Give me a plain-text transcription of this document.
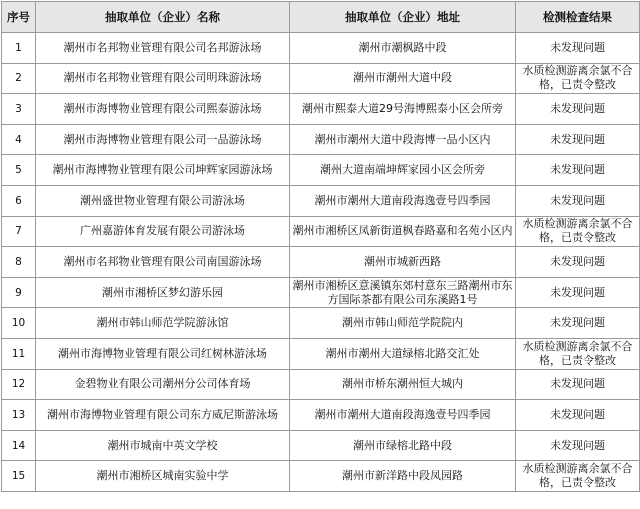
序号	抽取单位（企业）名称	抽取单位（企业）地址	检测检查结果
1	潮州市名邦物业管理有限公司名邦游泳场	潮州市潮枫路中段	未发现问题
2	潮州市名邦物业管理有限公司明珠游泳场	潮州市潮州大道中段	水质检测游离余氯不合格，已责令整改
3	潮州市海博物业管理有限公司熙泰游泳场	潮州市熙泰大道29号海博熙泰小区会所旁	未发现问题
4	潮州市海博物业管理有限公司一品游泳场	潮州市潮州大道中段海博一品小区内	未发现问题
5	潮州市海博物业管理有限公司坤辉家园游泳场	潮州大道南端坤辉家园小区会所旁	未发现问题
6	潮州盛世物业管理有限公司游泳场	潮州市潮州大道南段海逸壹号四季园	未发现问题
7	广州嘉游体育发展有限公司游泳场	潮州市湘桥区凤新街道枫春路嘉和名苑小区内	水质检测游离余氯不合格，已责令整改
8	潮州市名邦物业管理有限公司南国游泳场	潮州市城新西路	未发现问题
9	潮州市湘桥区梦幻游乐园	潮州市湘桥区意溪镇东郊村意东三路潮州市东方国际茶都有限公司东溪路1号	未发现问题
10	潮州市韩山师范学院游泳馆	潮州市韩山师范学院院内	未发现问题
11	潮州市海博物业管理有限公司红树林游泳场	潮州市潮州大道绿榕北路交汇处	水质检测游离余氯不合格，已责令整改
12	金碧物业有限公司潮州分公司体育场	潮州市桥东潮州恒大城内	未发现问题
13	潮州市海博物业管理有限公司东方威尼斯游泳场	潮州市潮州大道南段海逸壹号四季园	未发现问题
14	潮州市城南中英文学校	潮州市绿榕北路中段	未发现问题
15	潮州市湘桥区城南实验中学	潮州市新洋路中段凤园路	水质检测游离余氯不合格，已责令整改
